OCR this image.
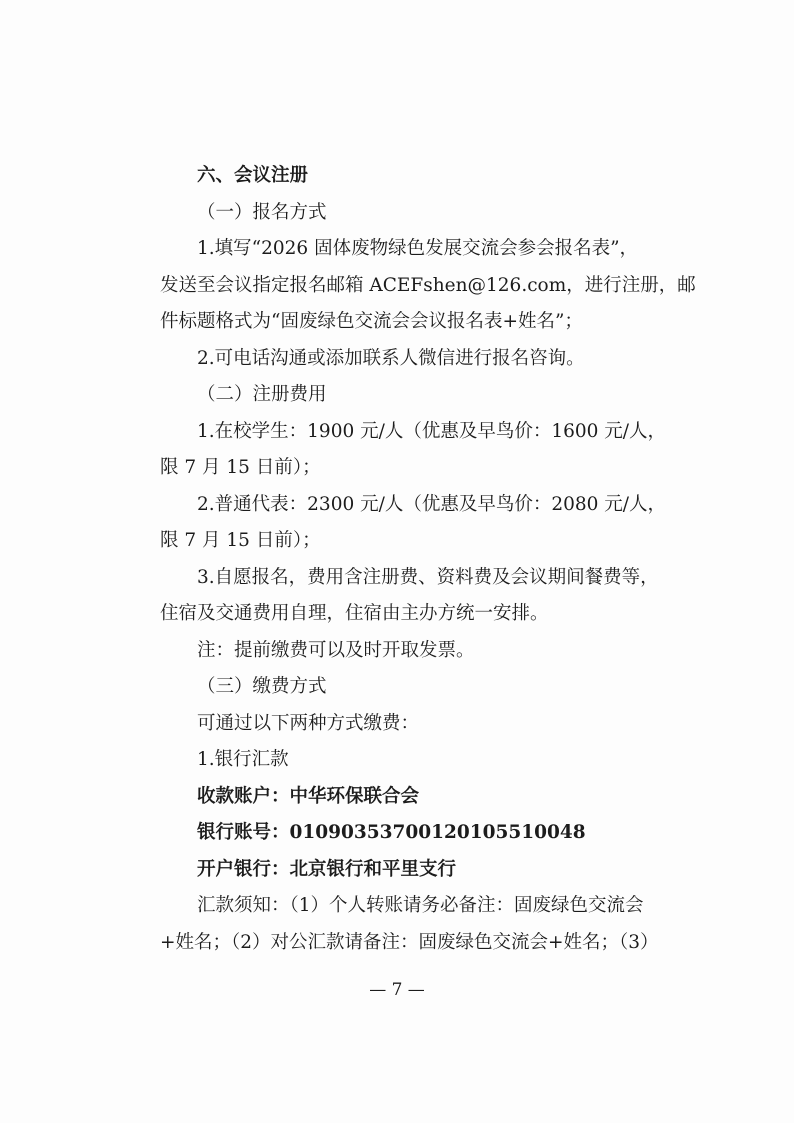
六、会议注册
（一）报名方式
1.填写“2026 固体废物绿色发展交流会参会报名表”，
发送至会议指定报名邮箱 ACEFshen@126.com，进行注册，邮
件标题格式为“固废绿色交流会会议报名表+姓名”；
2.可电话沟通或添加联系人微信进行报名咨询。
（二）注册费用
1.在校学生：1900 元/人（优惠及早鸟价：1600 元/人，
限 7 月 15 日前）；
2.普通代表：2300 元/人（优惠及早鸟价：2080 元/人，
限 7 月 15 日前）；
3.自愿报名，费用含注册费、资料费及会议期间餐费等，
住宿及交通费用自理，住宿由主办方统一安排。
注：提前缴费可以及时开取发票。
（三）缴费方式
可通过以下两种方式缴费：
1.银行汇款
收款账户：中华环保联合会
银行账号：01090353700120105510048
开户银行：北京银行和平里支行
汇款须知：（1）个人转账请务必备注：固废绿色交流会
+姓名；（2）对公汇款请备注：固废绿色交流会+姓名；（3）
— 7 —
